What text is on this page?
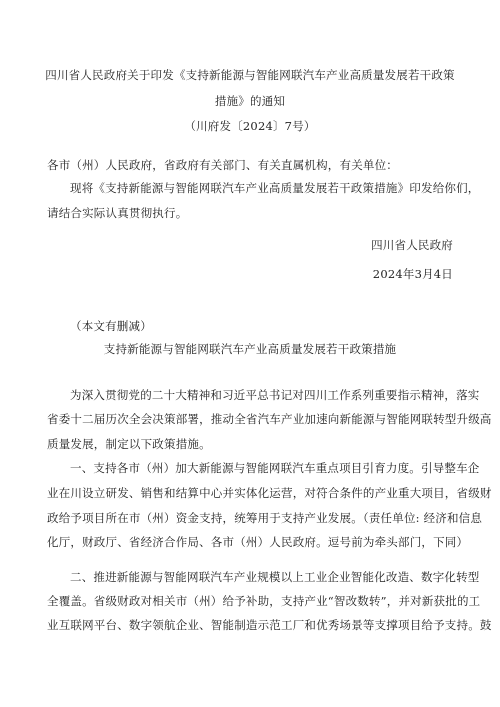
四川省人民政府关于印发《支持新能源与智能网联汽车产业高质量发展若干政策
措施》的通知
（川府发〔2024〕7号）
各市（州）人民政府，省政府有关部门、有关直属机构，有关单位：
现将《支持新能源与智能网联汽车产业高质量发展若干政策措施》印发给你们，
请结合实际认真贯彻执行。
四川省人民政府
2024年3月4日
（本文有删减）
支持新能源与智能网联汽车产业高质量发展若干政策措施
为深入贯彻党的二十大精神和习近平总书记对四川工作系列重要指示精神，落实
省委十二届历次全会决策部署，推动全省汽车产业加速向新能源与智能网联转型升级高
质量发展，制定以下政策措施。
一、支持各市（州）加大新能源与智能网联汽车重点项目引育力度。引导整车企
业在川设立研发、销售和结算中心并实体化运营，对符合条件的产业重大项目，省级财
政给予项目所在市（州）资金支持，统筹用于支持产业发展。（责任单位: 经济和信息
化厅，财政厅、省经济合作局、各市（州）人民政府。逗号前为牵头部门，下同）
二、推进新能源与智能网联汽车产业规模以上工业企业智能化改造、数字化转型
全覆盖。省级财政对相关市（州）给予补助，支持产业“智改数转”，并对新获批的工
业互联网平台、数字领航企业、智能制造示范工厂和优秀场景等支撑项目给予支持。鼓
